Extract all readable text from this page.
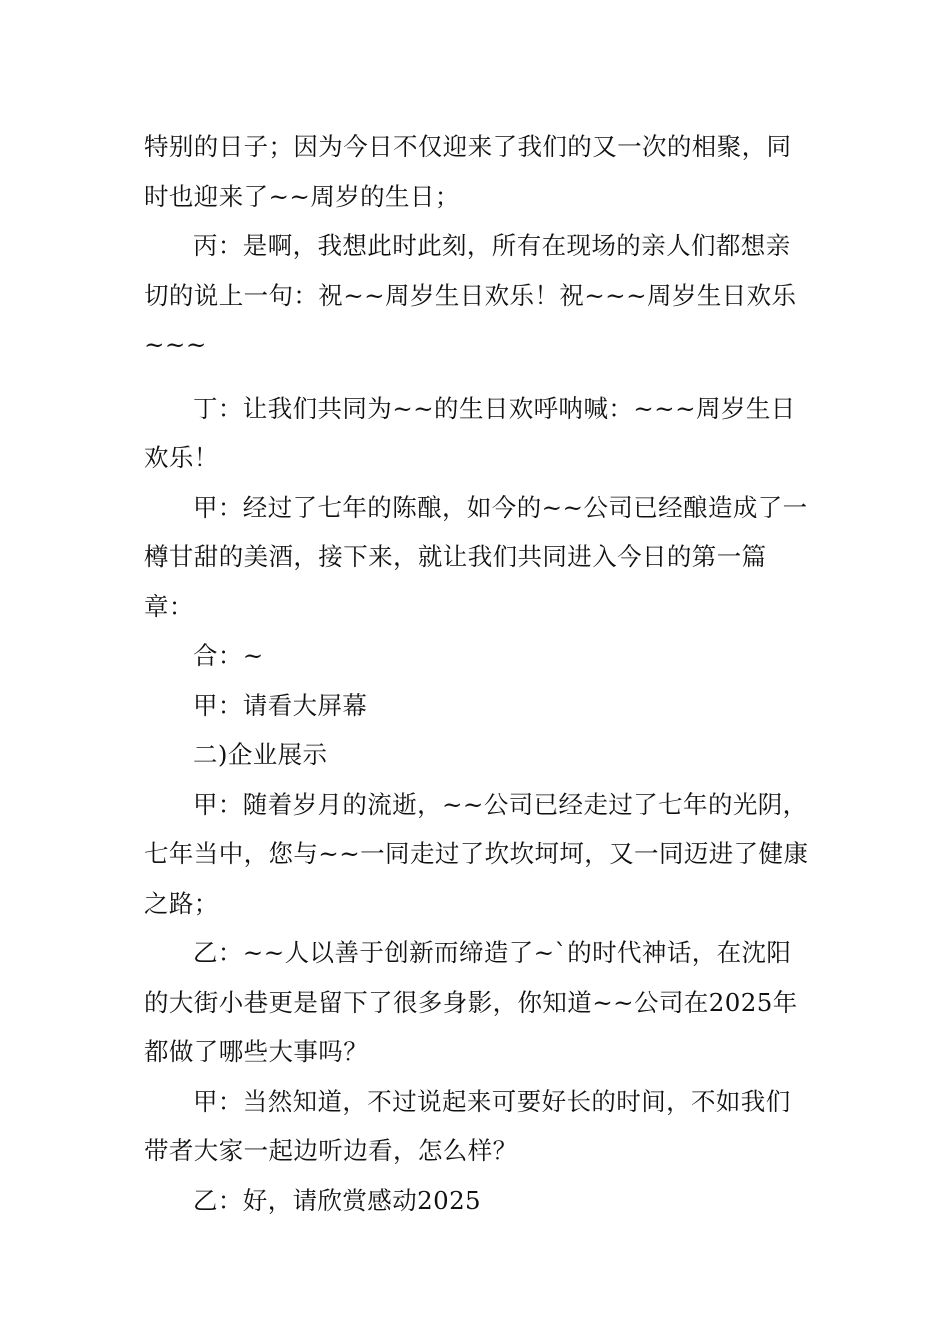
特别的日子；因为今日不仅迎来了我们的又一次的相聚，同时也迎来了~~周岁的生日；

丙：是啊，我想此时此刻，所有在现场的亲人们都想亲切的说上一句：祝~~周岁生日欢乐！祝~~~周岁生日欢乐~~~

丁：让我们共同为~~的生日欢呼呐喊：~~~周岁生日欢乐！

甲：经过了七年的陈酿，如今的~~公司已经酿造成了一樽甘甜的美酒，接下来，就让我们共同进入今日的第一篇章：

合：~

甲：请看大屏幕

二)企业展示

甲：随着岁月的流逝，~~公司已经走过了七年的光阴，七年当中，您与~~一同走过了坎坎坷坷，又一同迈进了健康之路；

乙：~~人以善于创新而缔造了~`的时代神话，在沈阳的大街小巷更是留下了很多身影，你知道~~公司在2025年都做了哪些大事吗？

甲：当然知道，不过说起来可要好长的时间，不如我们带者大家一起边听边看，怎么样？

乙：好，请欣赏感动2025
